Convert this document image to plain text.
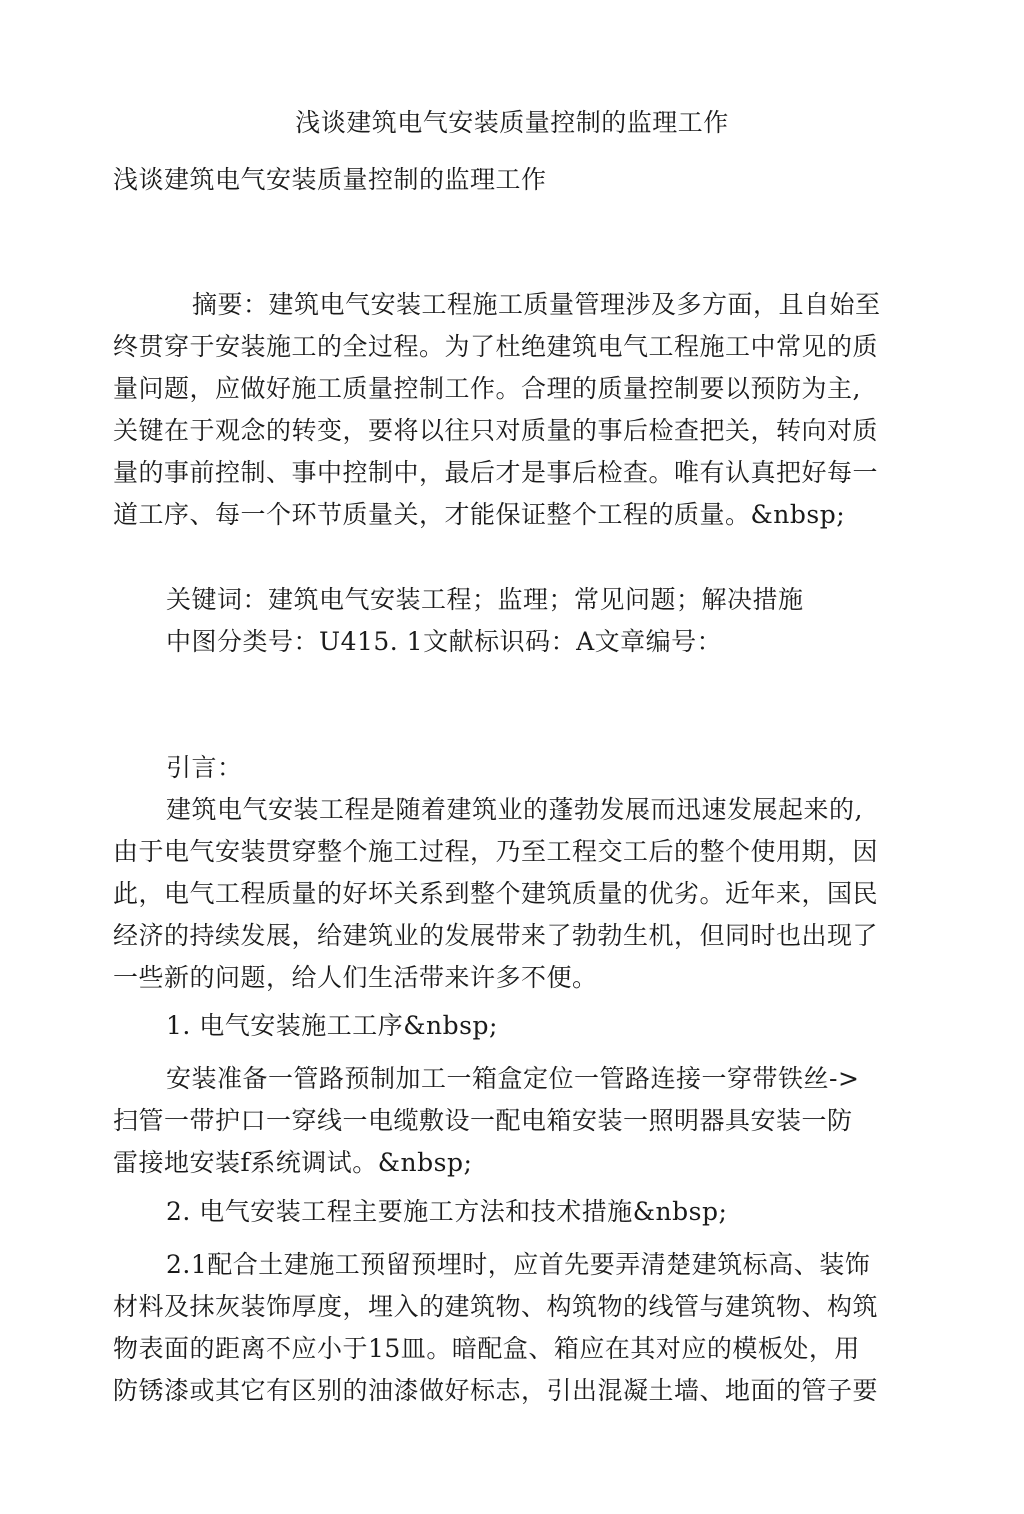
浅谈建筑电气安装质量控制的监理工作
浅谈建筑电气安装质量控制的监理工作
摘要：建筑电气安装工程施工质量管理涉及多方面，且自始至
终贯穿于安装施工的全过程。为了杜绝建筑电气工程施工中常见的质
量问题，应做好施工质量控制工作。合理的质量控制要以预防为主,
关键在于观念的转变，要将以往只对质量的事后检查把关，转向对质
量的事前控制、事中控制中，最后才是事后检查。唯有认真把好每一
道工序、每一个环节质量关，才能保证整个工程的质量。&nbsp;
关键词：建筑电气安装工程；监理；常见问题；解决措施
中图分类号：U415. 1文献标识码：A文章编号：
引言：
建筑电气安装工程是随着建筑业的蓬勃发展而迅速发展起来的,
由于电气安装贯穿整个施工过程，乃至工程交工后的整个使用期，因
此，电气工程质量的好坏关系到整个建筑质量的优劣。近年来，国民
经济的持续发展，给建筑业的发展带来了勃勃生机，但同时也出现了
一些新的问题，给人们生活带来许多不便。
1. 电气安装施工工序&nbsp;
安装准备一管路预制加工一箱盒定位一管路连接一穿带铁丝->
扫管一带护口一穿线一电缆敷设一配电箱安装一照明器具安装一防
雷接地安装f系统调试。&nbsp;
2. 电气安装工程主要施工方法和技术措施&nbsp;
2.1配合土建施工预留预埋时，应首先要弄清楚建筑标高、装饰
材料及抹灰装饰厚度，埋入的建筑物、构筑物的线管与建筑物、构筑
物表面的距离不应小于15皿。暗配盒、箱应在其对应的模板处，用
防锈漆或其它有区别的油漆做好标志，引出混凝土墙、地面的管子要
